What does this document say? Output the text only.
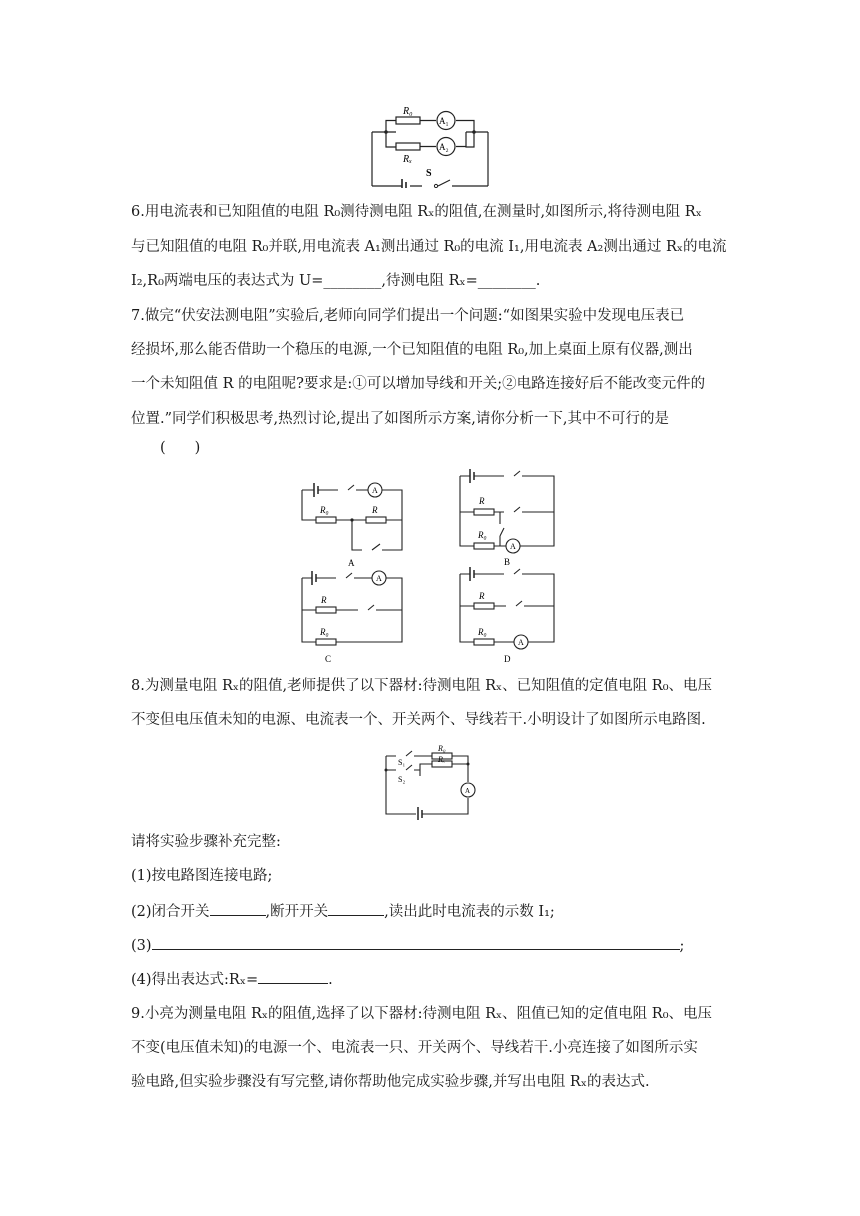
R₀
A₁
A₂
Rₓ
S
6.用电流表和已知阻值的电阻 R₀测待测电阻 Rₓ的阻值,在测量时,如图所示,将待测电阻 Rₓ
与已知阻值的电阻 R₀并联,用电流表 A₁测出通过 R₀的电流 I₁,用电流表 A₂测出通过 Rₓ的电流
I₂,R₀两端电压的表达式为 U=________,待测电阻 Rₓ=________.
7.做完“伏安法测电阻”实验后,老师向同学们提出一个问题:“如图果实验中发现电压表已
经损坏,那么能否借助一个稳压的电源,一个已知阻值的电阻 R₀,加上桌面上原有仪器,测出
一个未知阻值 R 的电阻呢?要求是:①可以增加导线和开关;②电路连接好后不能改变元件的
位置.”同学们积极思考,热烈讨论,提出了如图所示方案,请你分析一下,其中不可行的是
(　　)
A
R₀	R
A
R
R₀
A
B
A
R
R₀
C
R
R₀
A
D
8.为测量电阻 Rₓ的阻值,老师提供了以下器材:待测电阻 Rₓ、已知阻值的定值电阻 R₀、电压
不变但电压值未知的电源、电流表一个、开关两个、导线若干.小明设计了如图所示电路图.
R₀
Rₓ
S₁
S₂
A
请将实验步骤补充完整:
(1)按电路图连接电路;
(2)闭合开关	,断开开关	,读出此时电流表的示数 I₁;
(3)	;
(4)得出表达式:Rₓ=	.
9.小亮为测量电阻 Rₓ的阻值,选择了以下器材:待测电阻 Rₓ、阻值已知的定值电阻 R₀、电压
不变(电压值未知)的电源一个、电流表一只、开关两个、导线若干.小亮连接了如图所示实
验电路,但实验步骤没有写完整,请你帮助他完成实验步骤,并写出电阻 Rₓ的表达式.
